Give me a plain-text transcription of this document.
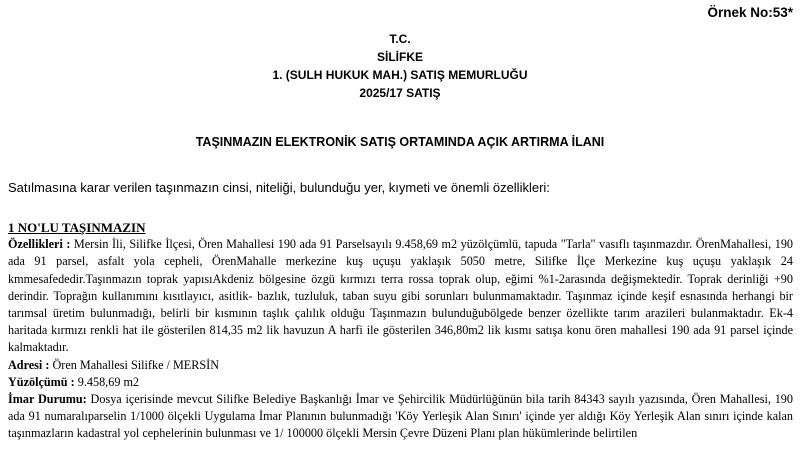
Örnek No:53*
T.C.
SİLİFKE
1. (SULH HUKUK MAH.) SATIŞ MEMURLUĞU
2025/17 SATIŞ
TAŞINMAZIN ELEKTRONİK SATIŞ ORTAMINDA AÇIK ARTIRMA İLANI
Satılmasına karar verilen taşınmazın cinsi, niteliği, bulunduğu yer, kıymeti ve önemli özellikleri:
1 NO'LU TAŞINMAZIN

Özellikleri : Mersin İli, Silifke İlçesi, Ören Mahallesi 190 ada 91 Parselsayılı 9.458,69 m2 yüzölçümlü, tapuda "Tarla" vasıflı taşınmazdır. ÖrenMahallesi, 190 ada 91 parsel, asfalt yola cepheli, ÖrenMahalle merkezine kuş uçuşu yaklaşık 5050 metre, Silifke İlçe Merkezine kuş uçuşu yaklaşık 24 kmmesafededir.Taşınmazın toprak yapısıAkdeniz bölgesine özgü kırmızı terra rossa toprak olup, eğimi %1-2arasında değişmektedir. Toprak derinliği +90 derindir. Toprağın kullanımını kısıtlayıcı, asitlik- bazlık, tuzluluk, taban suyu gibi sorunları bulunmamaktadır. Taşınmaz içinde keşif esnasında herhangi bir tarımsal üretim bulunmadığı, belirli bir kısmının taşlık çalılık olduğu Taşınmazın bulunduğubölgede benzer özellikte tarım arazileri bulanmaktadır. Ek-4 haritada kırmızı renkli hat ile gösterilen 814,35 m2 lik havuzun A harfi ile gösterilen 346,80m2 lik kısmı satışa konu ören mahallesi 190 ada 91 parsel içinde kalmaktadır.

Adresi : Ören Mahallesi Silifke / MERSİN

Yüzölçümü : 9.458,69 m2

İmar Durumu: Dosya içerisinde mevcut Silifke Belediye Başkanlığı İmar ve Şehircilik Müdürlüğünün bila tarih 84343 sayılı yazısında, Ören Mahallesi, 190 ada 91 numaralıparselin 1/1000 ölçekli Uygulama İmar Planının bulunmadığı 'Köy Yerleşik Alan Sınırı' içinde yer aldığı Köy Yerleşik Alan sınırı içinde kalan taşınmazların kadastral yol cephelerinin bulunması ve 1/ 100000 ölçekli Mersin Çevre Düzeni Planı plan hükümlerinde belirtilen
